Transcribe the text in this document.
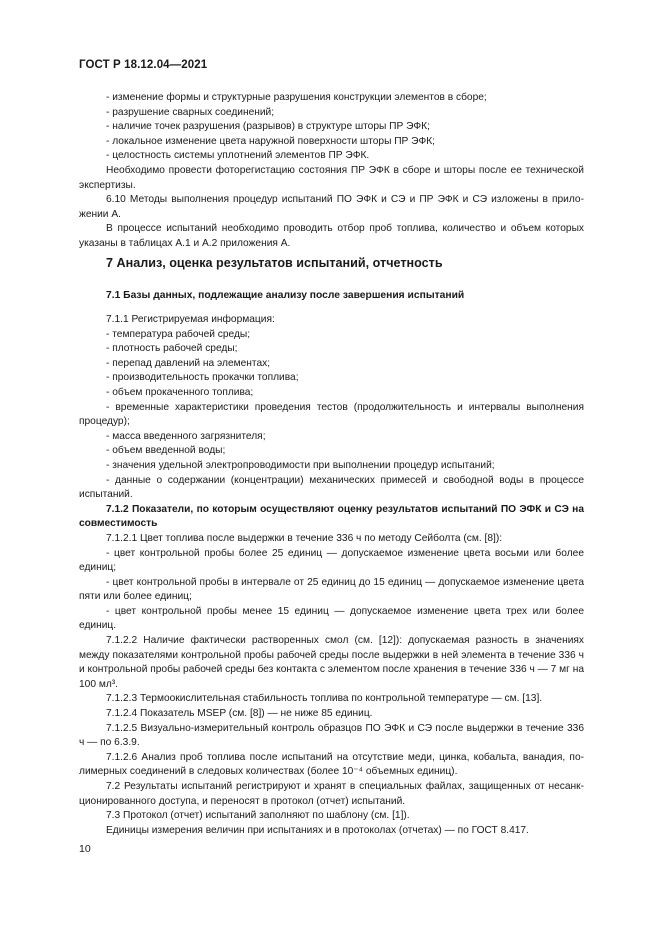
ГОСТ Р 18.12.04—2021

- изменение формы и структурные разрушения конструкции элементов в сборе;

- разрушение сварных соединений;

- наличие точек разрушения (разрывов) в структуре шторы ПР ЭФК;

- локальное изменение цвета наружной поверхности шторы ПР ЭФК;

- целостность системы уплотнений элементов ПР ЭФК.

Необходимо провести фоторегистацию состояния ПР ЭФК в сборе и шторы после ее технической экспертизы.

6.10 Методы выполнения процедур испытаний ПО ЭФК и СЭ и ПР ЭФК и СЭ изложены в прило-жении А.

В процессе испытаний необходимо проводить отбор проб топлива, количество и объем которых указаны в таблицах А.1 и А.2 приложения А.

7 Анализ, оценка результатов испытаний, отчетность
7.1 Базы данных, подлежащие анализу после завершения испытаний

7.1.1 Регистрируемая информация:

- температура рабочей среды;

- плотность рабочей среды;

- перепад давлений на элементах;

- производительность прокачки топлива;

- объем прокаченного топлива;

- временные характеристики проведения тестов (продолжительность и интервалы выполнения процедур);

- масса введенного загрязнителя;

- объем введенной воды;

- значения удельной электропроводимости при выполнении процедур испытаний;

- данные о содержании (концентрации) механических примесей и свободной воды в процессе испытаний.

7.1.2 Показатели, по которым осуществляют оценку результатов испытаний ПО ЭФК и СЭ на совместимость

7.1.2.1 Цвет топлива после выдержки в течение 336 ч по методу Сейболта (см. [8]):

- цвет контрольной пробы более 25 единиц — допускаемое изменение цвета восьми или более единиц;

- цвет контрольной пробы в интервале от 25 единиц до 15 единиц — допускаемое изменение цвета пяти или более единиц;

- цвет контрольной пробы менее 15 единиц — допускаемое изменение цвета трех или более единиц.

7.1.2.2 Наличие фактически растворенных смол (см. [12]): допускаемая разность в значениях между показателями контрольной пробы рабочей среды после выдержки в ней элемента в течение 336 ч и контрольной пробы рабочей среды без контакта с элементом после хранения в течение 336 ч — 7 мг на 100 мл³.

7.1.2.3 Термоокислительная стабильность топлива по контрольной температуре — см. [13].

7.1.2.4 Показатель MSEP (см. [8]) — не ниже 85 единиц.

7.1.2.5 Визуально-измерительный контроль образцов ПО ЭФК и СЭ после выдержки в течение 336 ч — по 6.3.9.

7.1.2.6 Анализ проб топлива после испытаний на отсутствие меди, цинка, кобальта, ванадия, по-лимерных соединений в следовых количествах (более 10⁻⁴ объемных единиц).

7.2 Результаты испытаний регистрируют и хранят в специальных файлах, защищенных от несанк-ционированного доступа, и переносят в протокол (отчет) испытаний.

7.3 Протокол (отчет) испытаний заполняют по шаблону (см. [1]).

Единицы измерения величин при испытаниях и в протоколах (отчетах) — по ГОСТ 8.417.

10
